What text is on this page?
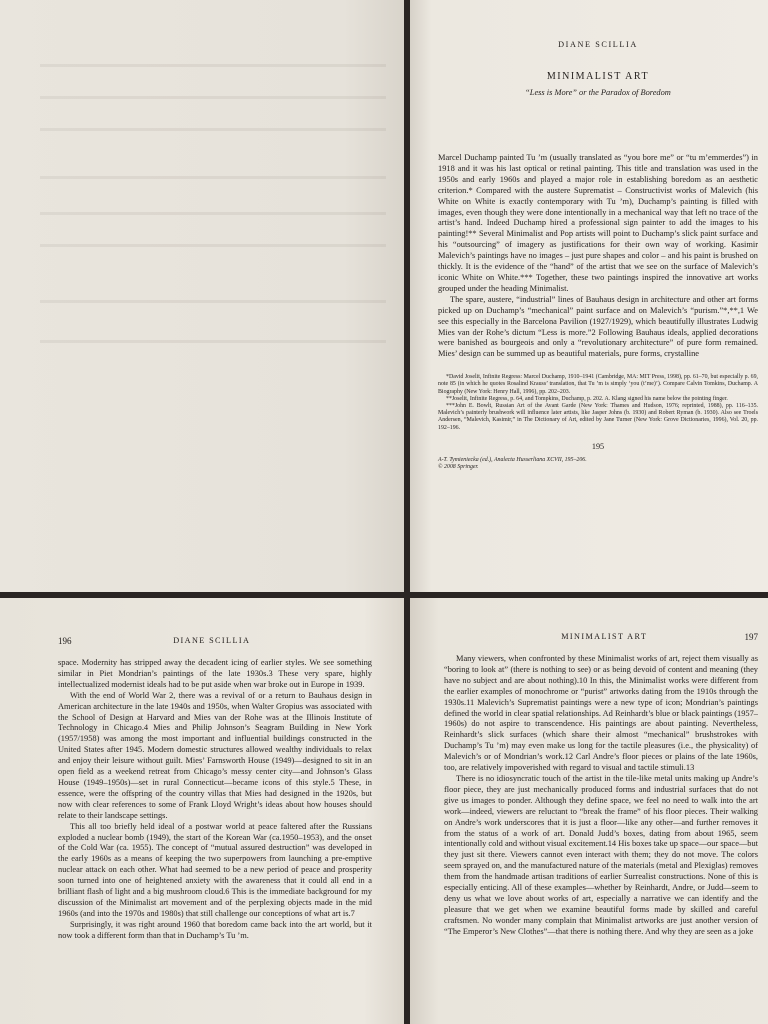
DIANE SCILLIA
MINIMALIST ART
“Less is More” or the Paradox of Boredom

Marcel Duchamp painted Tu ’m (usually translated as “you bore me” or “tu m’emmerdes”) in 1918 and it was his last optical or retinal painting. This title and translation was used in the 1950s and early 1960s and played a major role in establishing boredom as an aesthetic criterion.* Compared with the austere Suprematist – Constructivist works of Malevich (his White on White is exactly contemporary with Tu ’m), Duchamp’s painting is filled with images, even though they were done intentionally in a mechanical way that left no trace of the artist’s hand. Indeed Duchamp hired a professional sign painter to add the images to his painting!** Several Minimalist and Pop artists will point to Duchamp’s slick paint surface and his “outsourcing” of imagery as justifications for their own way of working. Kasimir Malevich’s paintings have no images – just pure shapes and color – and his paint is brushed on thickly. It is the evidence of the “hand” of the artist that we see on the surface of Malevich’s iconic White on White.*** Together, these two paintings inspired the innovative art works grouped under the heading Minimalist.

The spare, austere, “industrial” lines of Bauhaus design in architecture and other art forms picked up on Duchamp’s “mechanical” paint surface and on Malevich’s “purism.”*,**,1 We see this especially in the Barcelona Pavilion (1927/1929), which beautifully illustrates Ludwig Mies van der Rohe’s dictum “Less is more.”2 Following Bauhaus ideals, applied decorations were banished as bourgeois and only a “revolutionary architecture” of pure form remained. Mies’ design can be summed up as beautiful materials, pure forms, crystalline

*David Joselit, Infinite Regress: Marcel Duchamp, 1910–1941 (Cambridge, MA: MIT Press, 1998), pp. 61–70, but especially p. 69, note 85 (in which he quotes Rosalind Krauss’ translation, that Tu ’m is simply ‘you (t’me)’). Compare Calvin Tomkins, Duchamp. A Biography (New York: Henry Hall, 1996), pp. 202–203.

**Joselit, Infinite Regress, p. 64, and Tompkins, Duchamp, p. 202. A. Klang signed his name below the pointing finger.

***John E. Bowlt, Russian Art of the Avant Garde (New York: Thames and Hudson, 1976; reprinted, 1988), pp. 116–135. Malevich’s painterly brushwork will influence later artists, like Jasper Johns (b. 1930) and Robert Ryman (b. 1930). Also see Troels Andersen, “Malevich, Kasimir,” in The Dictionary of Art, edited by Jane Turner (New York: Grove Dictionaries, 1996), Vol. 20, pp. 192–196.

195
A-T. Tymieniecka (ed.), Analecta Husserliana XCVII, 195–206.
© 2008 Springer.
196	DIANE SCILLIA

space. Modernity has stripped away the decadent icing of earlier styles. We see something similar in Piet Mondrian’s paintings of the late 1930s.3 These very spare, highly intellectualized modernist ideals had to be put aside when war broke out in Europe in 1939.

With the end of World War 2, there was a revival of or a return to Bauhaus design in American architecture in the late 1940s and 1950s, when Walter Gropius was associated with the School of Design at Harvard and Mies van der Rohe was at the Illinois Institute of Technology in Chicago.4 Mies and Philip Johnson’s Seagram Building in New York (1957/1958) was among the most important and influential buildings constructed in the United States after 1945. Modern domestic structures allowed wealthy individuals to relax and enjoy their leisure without guilt. Mies’ Farnsworth House (1949)—designed to sit in an open field as a weekend retreat from Chicago’s messy center city—and Johnson’s Glass House (1949–1950s)—set in rural Connecticut—became icons of this style.5 These, in essence, were the offspring of the country villas that Mies had designed in the 1920s, but now with clear references to some of Frank Lloyd Wright’s ideas about how houses should relate to their landscape settings.

This all too briefly held ideal of a postwar world at peace faltered after the Russians exploded a nuclear bomb (1949), the start of the Korean War (ca.1950–1953), and the onset of the Cold War (ca. 1955). The concept of “mutual assured destruction” was developed in the early 1960s as a means of keeping the two superpowers from launching a pre-emptive nuclear attack on each other. What had seemed to be a new period of peace and prosperity soon turned into one of heightened anxiety with the awareness that it could all end in a brilliant flash of light and a big mushroom cloud.6 This is the immediate background for my discussion of the Minimalist art movement and of the perplexing objects made in the mid 1960s (and into the 1970s and 1980s) that still challenge our conceptions of what art is.7

Surprisingly, it was right around 1960 that boredom came back into the art world, but it now took a different form than that in Duchamp’s Tu ’m.

MINIMALIST ART	197

Many viewers, when confronted by these Minimalist works of art, reject them visually as “boring to look at” (there is nothing to see) or as being devoid of content and meaning (they have no subject and are about nothing).10 In this, the Minimalist works were different from the earlier examples of monochrome or “purist” artworks dating from the 1910s through the 1930s.11 Malevich’s Suprematist paintings were a new type of icon; Mondrian’s paintings defined the world in clear spatial relationships. Ad Reinhardt’s blue or black paintings (1957–1960s) do not aspire to transcendence. His paintings are about painting. Nevertheless, Reinhardt’s slick surfaces (which share their almost “mechanical” brushstrokes with Duchamp’s Tu ’m) may even make us long for the tactile pleasures (i.e., the physicality) of Malevich’s or of Mondrian’s work.12 Carl Andre’s floor pieces or plains of the late 1960s, too, are relatively impoverished with regard to visual and tactile stimuli.13

There is no idiosyncratic touch of the artist in the tile-like metal units making up Andre’s floor piece, they are just mechanically produced forms and industrial surfaces that do not give us images to ponder. Although they define space, we feel no need to walk into the art work—indeed, viewers are reluctant to “break the frame” of his floor pieces. Their walking on Andre’s work underscores that it is just a floor—like any other—and further removes it from the status of a work of art. Donald Judd’s boxes, dating from about 1965, seem intentionally cold and without visual excitement.14 His boxes take up space—our space—but they just sit there. Viewers cannot even interact with them; they do not move. The colors seem sprayed on, and the manufactured nature of the materials (metal and Plexiglas) removes them from the handmade artisan traditions of earlier Surrealist constructions. None of this is especially enticing. All of these examples—whether by Reinhardt, Andre, or Judd—seem to deny us what we love about works of art, especially a narrative we can identify and the pleasure that we get when we examine beautiful forms made by skilled and careful craftsmen. No wonder many complain that Minimalist artworks are just another version of “The Emperor’s New Clothes”—that there is nothing there. And why they are seen as a joke
